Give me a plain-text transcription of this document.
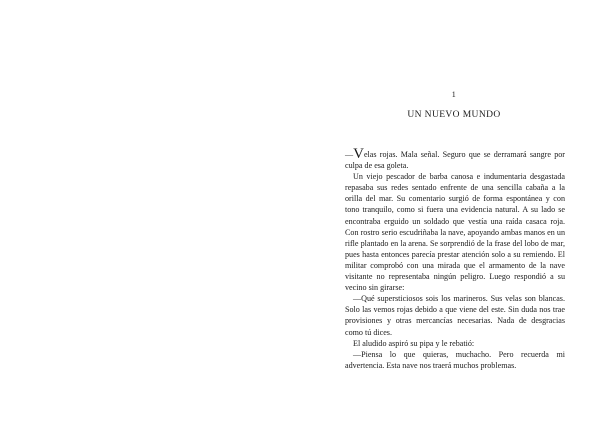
1
UN NUEVO MUNDO

—Velas rojas. Mala señal. Seguro que se derramará sangre por culpa de esa goleta.

Un viejo pescador de barba canosa e indumentaria desgastada repasaba sus redes sentado enfrente de una sencilla cabaña a la orilla del mar. Su comentario surgió de forma espontánea y con tono tranquilo, como si fuera una evidencia natural. A su lado se encontraba erguido un soldado que vestía una raída casaca roja. Con rostro serio escudriñaba la nave, apoyando ambas manos en un rifle plantado en la arena. Se sorprendió de la frase del lobo de mar, pues hasta entonces parecía prestar atención solo a su remiendo. El militar comprobó con una mirada que el armamento de la nave visitante no representaba ningún peligro. Luego respondió a su vecino sin girarse:

—Qué supersticiosos sois los marineros. Sus velas son blancas. Solo las vemos rojas debido a que viene del este. Sin duda nos trae provisiones y otras mercancías necesarias. Nada de desgracias como tú dices.

El aludido aspiró su pipa y le rebatió:

—Piensa lo que quieras, muchacho. Pero recuerda mi advertencia. Esta nave nos traerá muchos problemas.
